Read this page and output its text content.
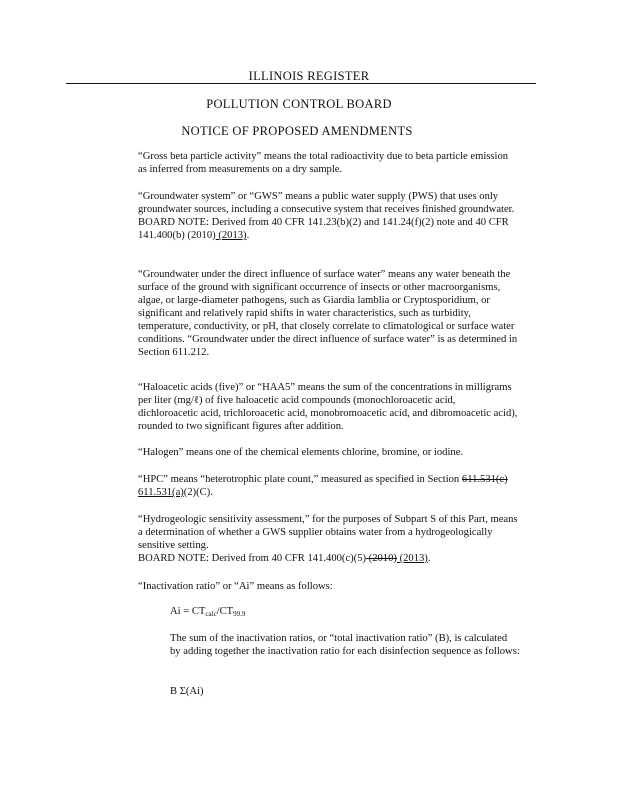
ILLINOIS REGISTER
POLLUTION CONTROL BOARD
NOTICE OF PROPOSED AMENDMENTS
“Gross beta particle activity” means the total radioactivity due to beta particle emission as inferred from measurements on a dry sample.

“Groundwater system” or “GWS” means a public water supply (PWS) that uses only groundwater sources, including a consecutive system that receives finished groundwater.

BOARD NOTE: Derived from 40 CFR 141.23(b)(2) and 141.24(f)(2) note and 40 CFR 141.400(b) (2010) (2013).

“Groundwater under the direct influence of surface water” means any water beneath the surface of the ground with significant occurrence of insects or other macroorganisms, algae, or large-diameter pathogens, such as Giardia lamblia or Cryptosporidium, or significant and relatively rapid shifts in water characteristics, such as turbidity, temperature, conductivity, or pH, that closely correlate to climatological or surface water conditions. “Groundwater under the direct influence of surface water” is as determined in Section 611.212.
“Haloacetic acids (five)” or “HAA5” means the sum of the concentrations in milligrams per liter (mg/ℓ) of five haloacetic acid compounds (monochloroacetic acid, dichloroacetic acid, trichloroacetic acid, monobromoacetic acid, and dibromoacetic acid), rounded to two significant figures after addition.
“Halogen” means one of the chemical elements chlorine, bromine, or iodine.
“HPC” means “heterotrophic plate count,” measured as specified in Section 611.531(c) 611.531(a)(2)(C).

“Hydrogeologic sensitivity assessment,” for the purposes of Subpart S of this Part, means a determination of whether a GWS supplier obtains water from a hydrogeologically sensitive setting.

BOARD NOTE: Derived from 40 CFR 141.400(c)(5) (2010) (2013).

“Inactivation ratio” or “Ai” means as follows:
$Ai = CT_{calc}/CT_{99.9}$
The sum of the inactivation ratios, or “total inactivation ratio” (B), is calculated by adding together the inactivation ratio for each disinfection sequence as follows:
B Σ(Ai)
